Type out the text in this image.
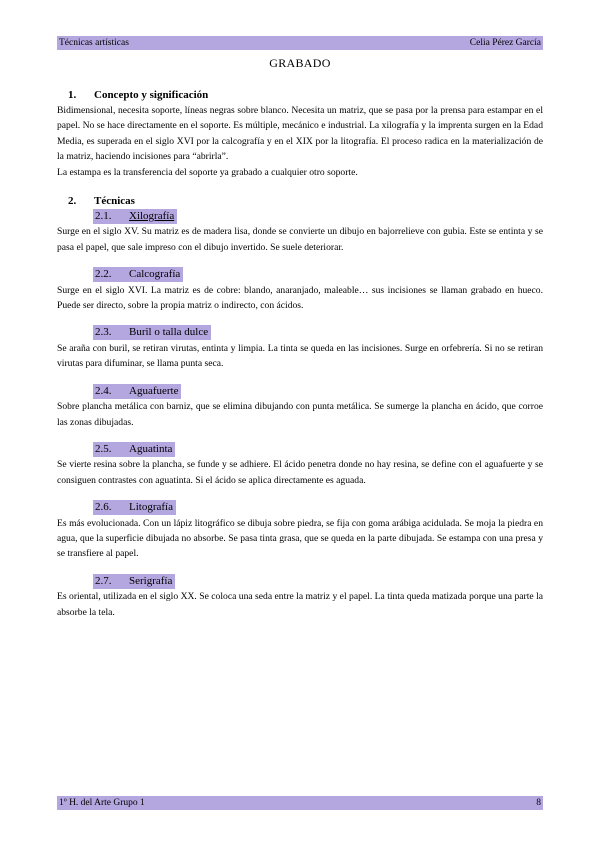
Técnicas artísticas	Celia Pérez García
GRABADO
1. Concepto y significación

Bidimensional, necesita soporte, líneas negras sobre blanco. Necesita un matriz, que se pasa por la prensa para estampar en el papel. No se hace directamente en el soporte. Es múltiple, mecánico e industrial. La xilografía y la imprenta surgen en la Edad Media, es superada en el siglo XVI por la calcografía y en el XIX por la litografía. El proceso radica en la materialización de la matriz, haciendo incisiones para “abrirla”.

La estampa es la transferencia del soporte ya grabado a cualquier otro soporte.

2. Técnicas
2.1. Xilografía

Surge en el siglo XV. Su matriz es de madera lisa, donde se convierte un dibujo en bajorrelieve con gubia. Este se entinta y se pasa el papel, que sale impreso con el dibujo invertido. Se suele deteriorar.

2.2. Calcografía

Surge en el siglo XVI. La matriz es de cobre: blando, anaranjado, maleable… sus incisiones se llaman grabado en hueco. Puede ser directo, sobre la propia matriz o indirecto, con ácidos.

2.3. Buril o talla dulce

Se araña con buril, se retiran virutas, entinta y limpia. La tinta se queda en las incisiones. Surge en orfebrería. Si no se retiran virutas para difuminar, se llama punta seca.

2.4. Aguafuerte

Sobre plancha metálica con barniz, que se elimina dibujando con punta metálica. Se sumerge la plancha en ácido, que corroe las zonas dibujadas.

2.5. Aguatinta

Se vierte resina sobre la plancha, se funde y se adhiere. El ácido penetra donde no hay resina, se define con el aguafuerte y se consiguen contrastes con aguatinta. Si el ácido se aplica directamente es aguada.

2.6. Litografía

Es más evolucionada. Con un lápiz litográfico se dibuja sobre piedra, se fija con goma arábiga acidulada. Se moja la piedra en agua, que la superficie dibujada no absorbe. Se pasa tinta grasa, que se queda en la parte dibujada. Se estampa con una presa y se transfiere al papel.

2.7. Serigrafía

Es oriental, utilizada en el siglo XX. Se coloca una seda entre la matriz y el papel. La tinta queda matizada porque una parte la absorbe la tela.

1º H. del Arte Grupo 1	8
